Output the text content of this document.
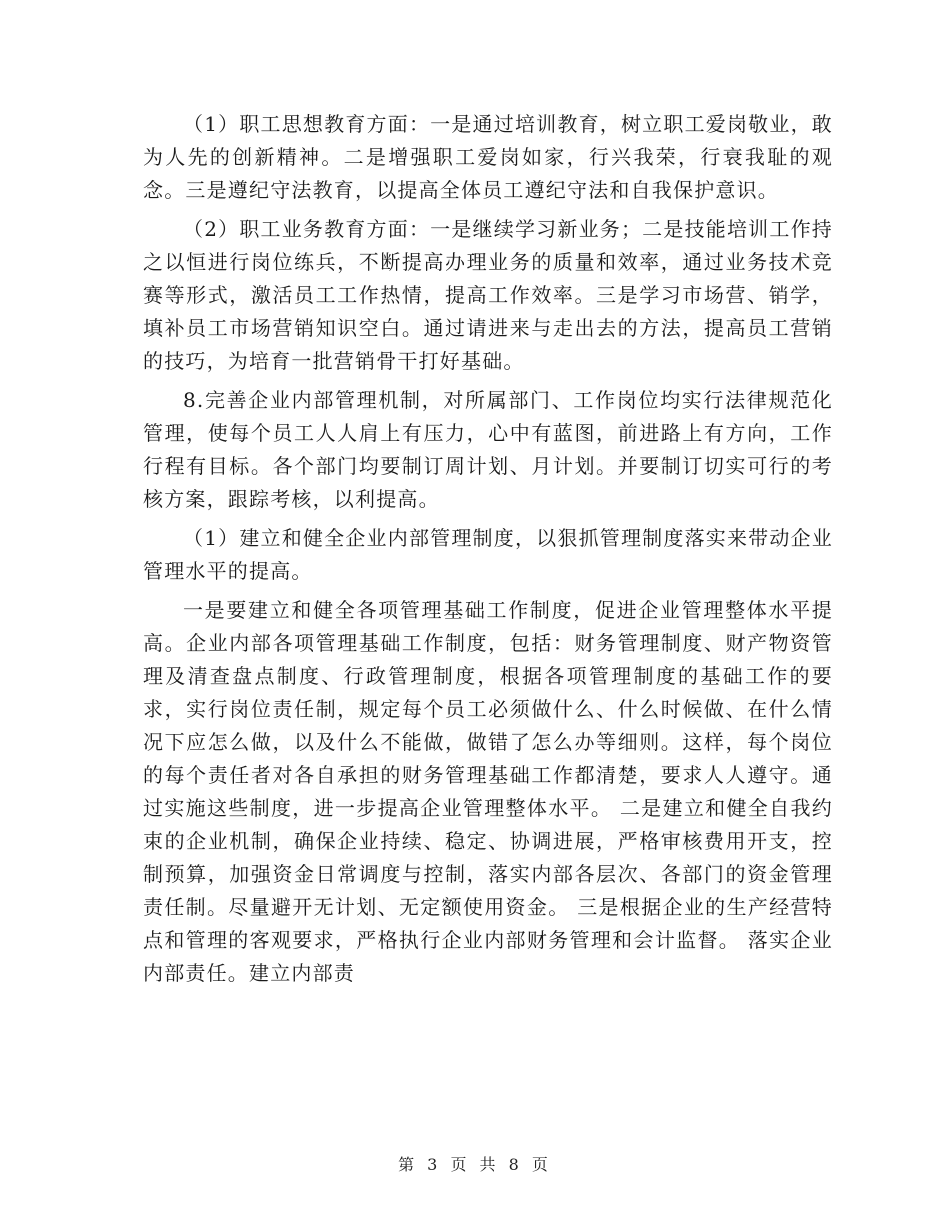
（1）职工思想教育方面：一是通过培训教育，树立职工爱岗敬业，敢为人先的创新精神。二是增强职工爱岗如家，行兴我荣，行衰我耻的观念。三是遵纪守法教育，以提高全体员工遵纪守法和自我保护意识。

（2）职工业务教育方面：一是继续学习新业务；二是技能培训工作持之以恒进行岗位练兵，不断提高办理业务的质量和效率，通过业务技术竞赛等形式，激活员工工作热情，提高工作效率。三是学习市场营、销学，填补员工市场营销知识空白。通过请进来与走出去的方法，提高员工营销的技巧，为培育一批营销骨干打好基础。

8.完善企业内部管理机制，对所属部门、工作岗位均实行法律规范化管理，使每个员工人人肩上有压力，心中有蓝图，前进路上有方向，工作行程有目标。各个部门均要制订周计划、月计划。并要制订切实可行的考核方案，跟踪考核，以利提高。

（1）建立和健全企业内部管理制度，以狠抓管理制度落实来带动企业管理水平的提高。

一是要建立和健全各项管理基础工作制度，促进企业管理整体水平提高。企业内部各项管理基础工作制度，包括：财务管理制度、财产物资管理及清查盘点制度、行政管理制度，根据各项管理制度的基础工作的要求，实行岗位责任制，规定每个员工必须做什么、什么时候做、在什么情况下应怎么做，以及什么不能做，做错了怎么办等细则。这样，每个岗位的每个责任者对各自承担的财务管理基础工作都清楚，要求人人遵守。通过实施这些制度，进一步提高企业管理整体水平。 二是建立和健全自我约束的企业机制，确保企业持续、稳定、协调进展，严格审核费用开支，控制预算，加强资金日常调度与控制，落实内部各层次、各部门的资金管理责任制。尽量避开无计划、无定额使用资金。 三是根据企业的生产经营特点和管理的客观要求，严格执行企业内部财务管理和会计监督。 落实企业内部责任。建立内部责

第 3 页 共 8 页
